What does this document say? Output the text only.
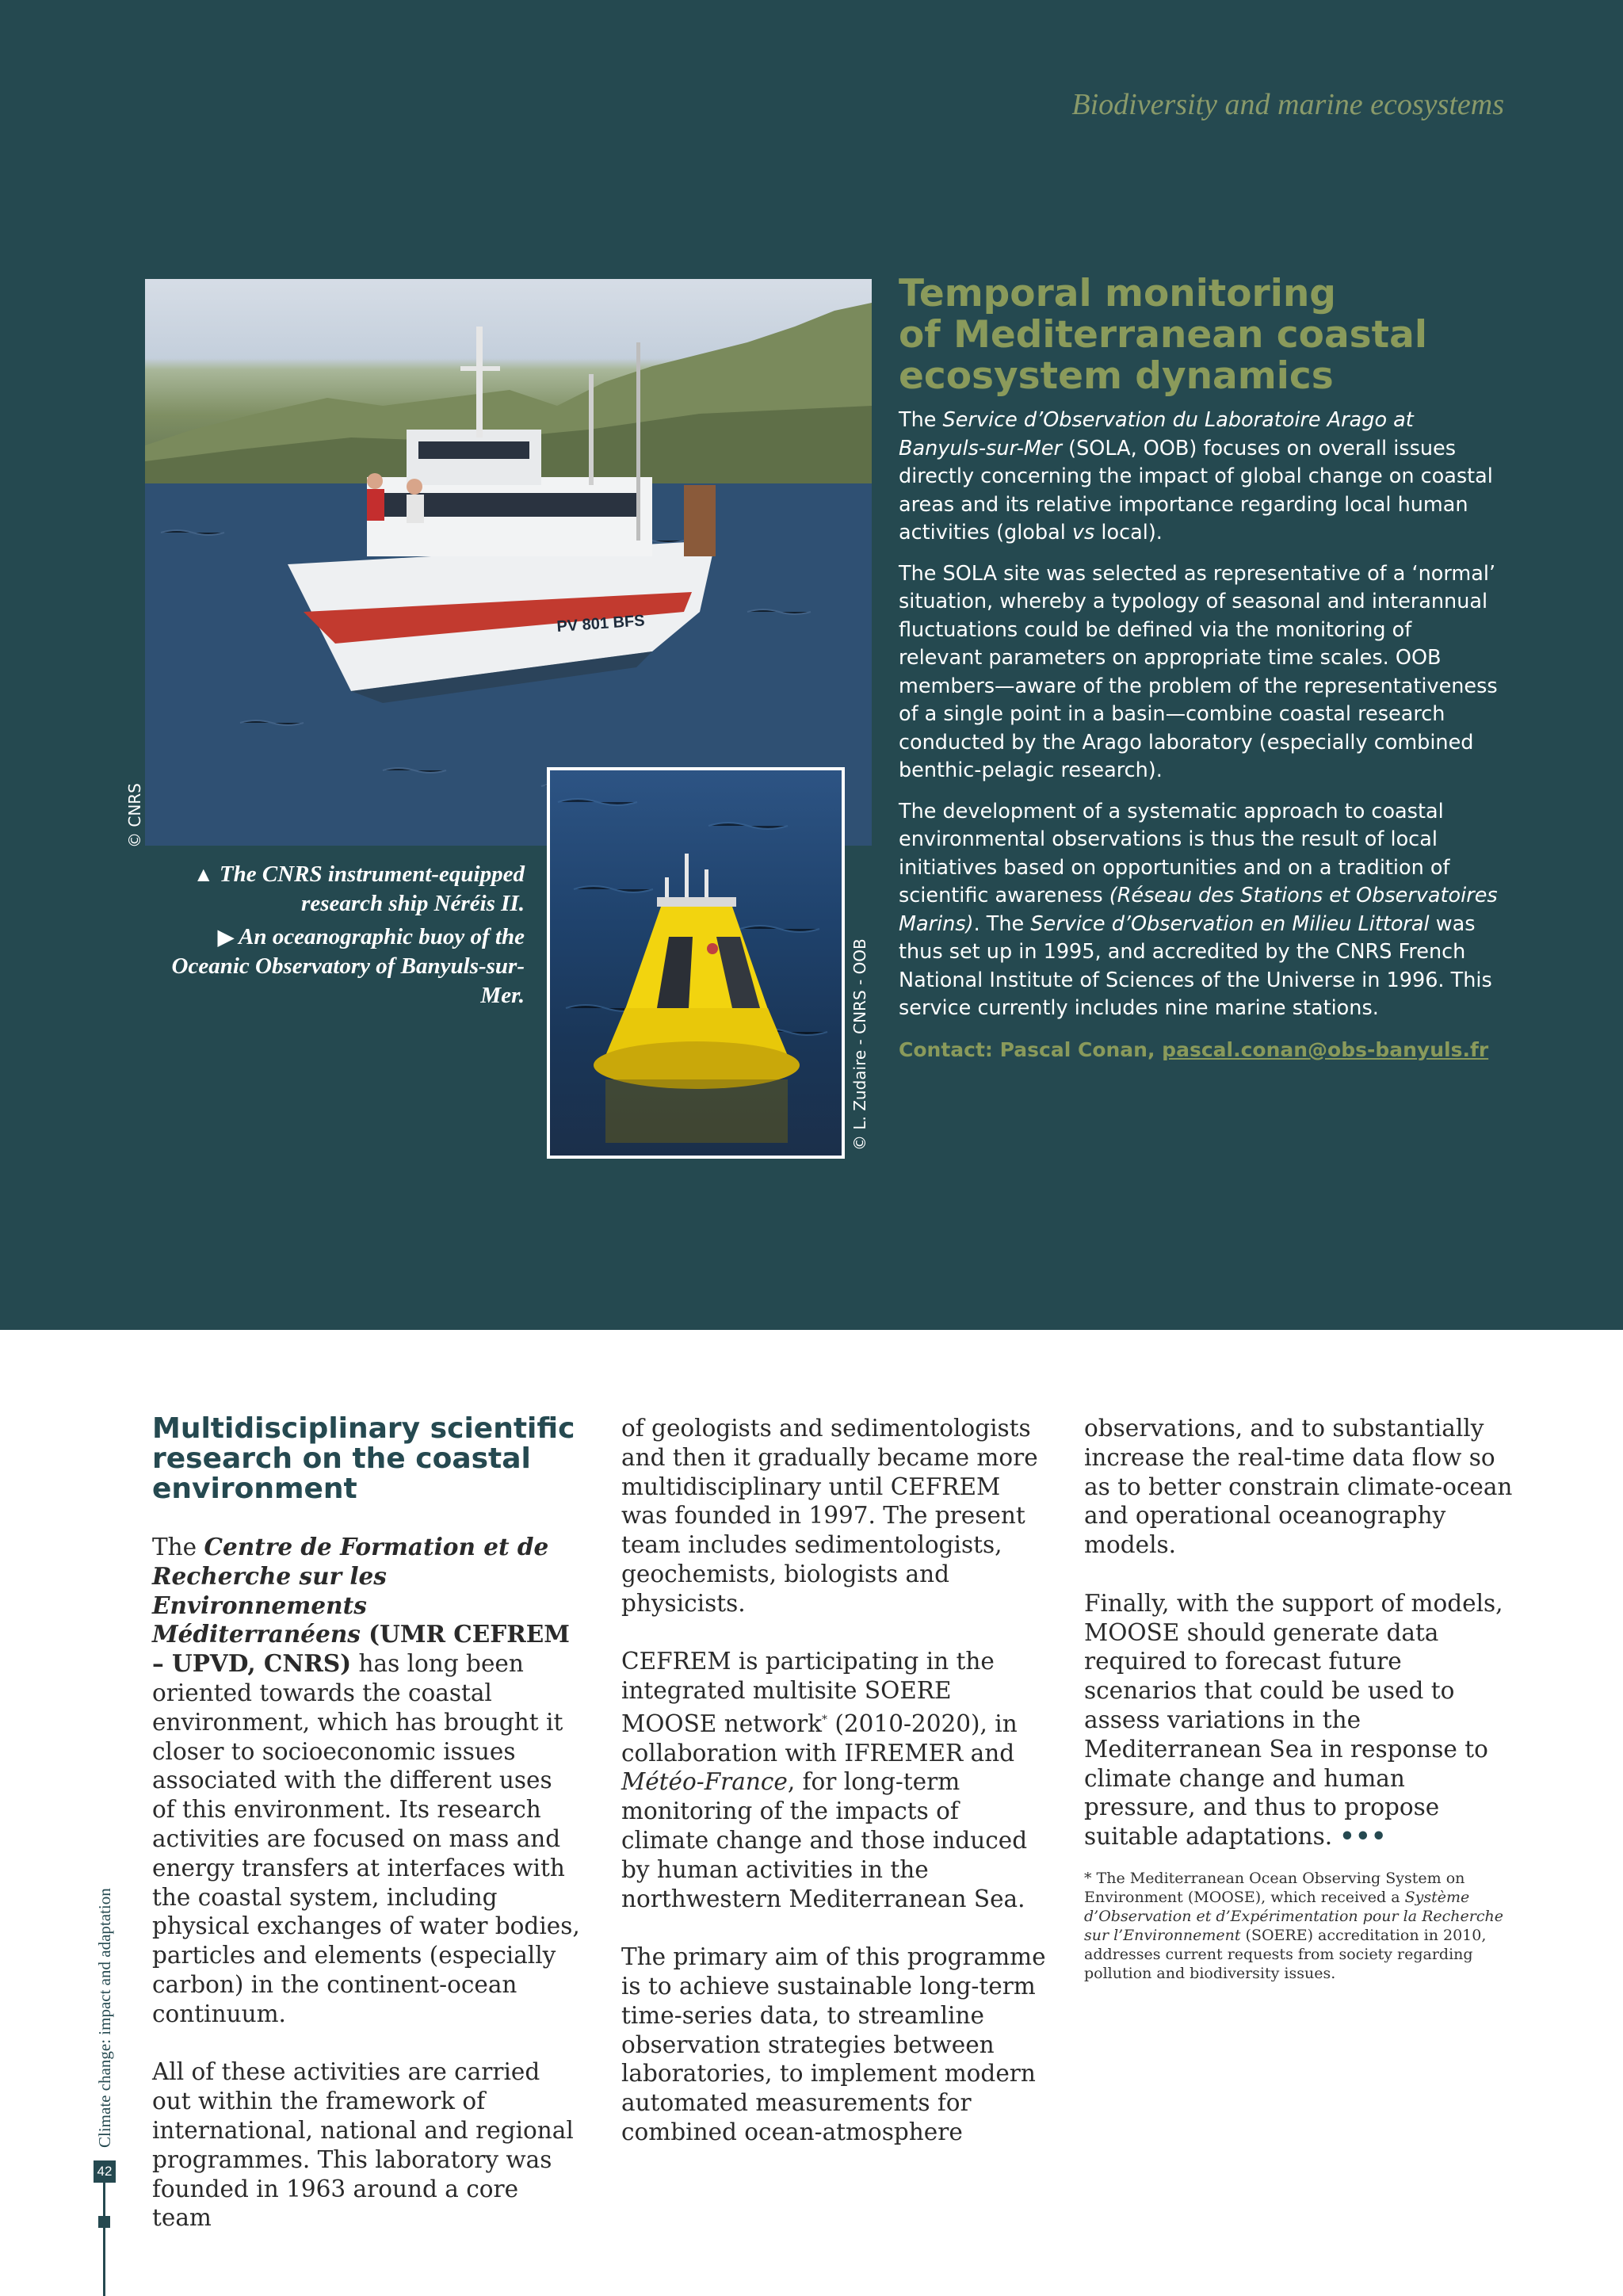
Biodiversity and marine ecosystems
PV 801 BFS
© CNRS
© L. Zudaire - CNRS - OOB
▲ The CNRS instrument-equipped research ship Néréis II.
▶ An oceanographic buoy of the Oceanic Observatory of Banyuls-sur-Mer.
Temporal monitoring
of Mediterranean coastal
ecosystem dynamics

The Service d’Observation du Laboratoire Arago at Banyuls-sur-Mer (SOLA, OOB) focuses on overall issues directly concerning the impact of global change on coastal areas and its relative importance regarding local human activities (global vs local).

The SOLA site was selected as representative of a ‘normal’ situation, whereby a typology of seasonal and interannual fluctuations could be defined via the monitoring of relevant parameters on appropriate time scales. OOB members—aware of the problem of the representativeness of a single point in a basin—combine coastal research conducted by the Arago laboratory (especially combined benthic-pelagic research).

The development of a systematic approach to coastal environmental observations is thus the result of local initiatives based on opportunities and on a tradition of scientific awareness (Réseau des Stations et Observatoires Marins). The Service d’Observation en Milieu Littoral was thus set up in 1995, and accredited by the CNRS French National Institute of Sciences of the Universe in 1996. This service currently includes nine marine stations.

Contact: Pascal Conan, pascal.conan@obs-banyuls.fr

Multidisciplinary scientific research on the coastal environment

The Centre de Formation et de Recherche sur les Environnements Méditerranéens (UMR CEFREM – UPVD, CNRS) has long been oriented towards the coastal environment, which has brought it closer to socioeconomic issues associated with the different uses of this environment. Its research activities are focused on mass and energy transfers at interfaces with the coastal system, including physical exchanges of water bodies, particles and elements (especially carbon) in the continent-ocean continuum.

All of these activities are carried out within the framework of international, national and regional programmes. This laboratory was founded in 1963 around a core team

of geologists and sedimentologists and then it gradually became more multidisciplinary until CEFREM was founded in 1997. The present team includes sedimentologists, geochemists, biologists and physicists.

CEFREM is participating in the integrated multisite SOERE MOOSE network* (2010-2020), in collaboration with IFREMER and Météo-France, for long-term monitoring of the impacts of climate change and those induced by human activities in the northwestern Mediterranean Sea.

The primary aim of this programme is to achieve sustainable long-term time-series data, to streamline observation strategies between laboratories, to implement modern automated measurements for combined ocean-atmosphere

observations, and to substantially increase the real-time data flow so as to better constrain climate-ocean and operational oceanography models.

Finally, with the support of models, MOOSE should generate data required to forecast future scenarios that could be used to assess variations in the Mediterranean Sea in response to climate change and human pressure, and thus to propose suitable adaptations. •••

* The Mediterranean Ocean Observing System on Environment (MOOSE), which received a Système d’Observation et d’Expérimentation pour la Recherche sur l’Environnement (SOERE) accreditation in 2010, addresses current requests from society regarding pollution and biodiversity issues.

Climate change: impact and adaptation
42
